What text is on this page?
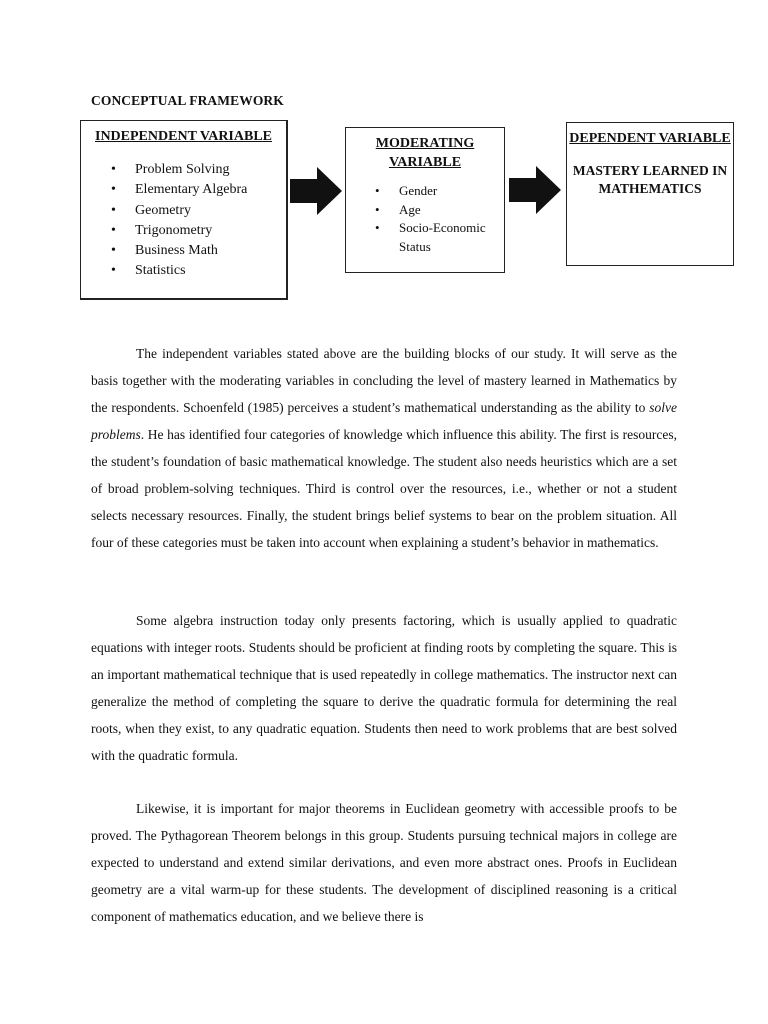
CONCEPTUAL FRAMEWORK
INDEPENDENT VARIABLE
• Problem Solving
• Elementary Algebra
• Geometry
• Trigonometry
• Business Math
• Statistics
MODERATING VARIABLE
• Gender
• Age
• Socio-Economic Status
DEPENDENT VARIABLE
MASTERY LEARNED IN MATHEMATICS

The independent variables stated above are the building blocks of our study. It will serve as the basis together with the moderating variables in concluding the level of mastery learned in Mathematics by the respondents. Schoenfeld (1985) perceives a student’s mathematical understanding as the ability to solve problems. He has identified four categories of knowledge which influence this ability. The first is resources, the student’s foundation of basic mathematical knowledge. The student also needs heuristics which are a set of broad problem-solving techniques. Third is control over the resources, i.e., whether or not a student selects necessary resources. Finally, the student brings belief systems to bear on the problem situation. All four of these categories must be taken into account when explaining a student’s behavior in mathematics.

Some algebra instruction today only presents factoring, which is usually applied to quadratic equations with integer roots. Students should be proficient at finding roots by completing the square. This is an important mathematical technique that is used repeatedly in college mathematics. The instructor next can generalize the method of completing the square to derive the quadratic formula for determining the real roots, when they exist, to any quadratic equation. Students then need to work problems that are best solved with the quadratic formula.

Likewise, it is important for major theorems in Euclidean geometry with accessible proofs to be proved. The Pythagorean Theorem belongs in this group. Students pursuing technical majors in college are expected to understand and extend similar derivations, and even more abstract ones. Proofs in Euclidean geometry are a vital warm-up for these students. The development of disciplined reasoning is a critical component of mathematics education, and we believe there is
